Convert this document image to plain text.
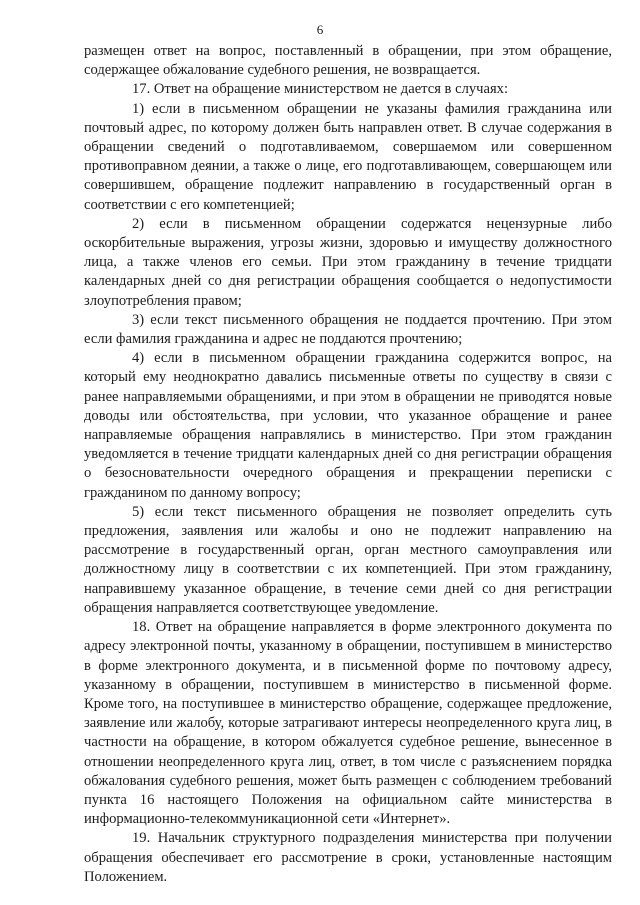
6

размещен ответ на вопрос, поставленный в обращении, при этом обращение, содержащее обжалование судебного решения, не возвращается.

17. Ответ на обращение министерством не дается в случаях:

1) если в письменном обращении не указаны фамилия гражданина или почтовый адрес, по которому должен быть направлен ответ. В случае содержания в обращении сведений о подготавливаемом, совершаемом или совершенном противоправном деянии, а также о лице, его подготавливающем, совершающем или совершившем, обращение подлежит направлению в государственный орган в соответствии с его компетенцией;

2) если в письменном обращении содержатся нецензурные либо оскорбительные выражения, угрозы жизни, здоровью и имуществу должностного лица, а также членов его семьи. При этом гражданину в течение тридцати календарных дней со дня регистрации обращения сообщается о недопустимости злоупотребления правом;

3) если текст письменного обращения не поддается прочтению. При этом если фамилия гражданина и адрес не поддаются прочтению;

4) если в письменном обращении гражданина содержится вопрос, на который ему неоднократно давались письменные ответы по существу в связи с ранее направляемыми обращениями, и при этом в обращении не приводятся новые доводы или обстоятельства, при условии, что указанное обращение и ранее направляемые обращения направлялись в министерство. При этом гражданин уведомляется в течение тридцати календарных дней со дня регистрации обращения о безосновательности очередного обращения и прекращении переписки с гражданином по данному вопросу;

5) если текст письменного обращения не позволяет определить суть предложения, заявления или жалобы и оно не подлежит направлению на рассмотрение в государственный орган, орган местного самоуправления или должностному лицу в соответствии с их компетенцией. При этом гражданину, направившему указанное обращение, в течение семи дней со дня регистрации обращения направляется соответствующее уведомление.

18. Ответ на обращение направляется в форме электронного документа по адресу электронной почты, указанному в обращении, поступившем в министерство в форме электронного документа, и в письменной форме по почтовому адресу, указанному в обращении, поступившем в министерство в письменной форме. Кроме того, на поступившее в министерство обращение, содержащее предложение, заявление или жалобу, которые затрагивают интересы неопределенного круга лиц, в частности на обращение, в котором обжалуется судебное решение, вынесенное в отношении неопределенного круга лиц, ответ, в том числе с разъяснением порядка обжалования судебного решения, может быть размещен с соблюдением требований пункта 16 настоящего Положения на официальном сайте министерства в информационно-телекоммуникационной сети «Интернет».

19. Начальник структурного подразделения министерства при получении обращения обеспечивает его рассмотрение в сроки, установленные настоящим Положением.
